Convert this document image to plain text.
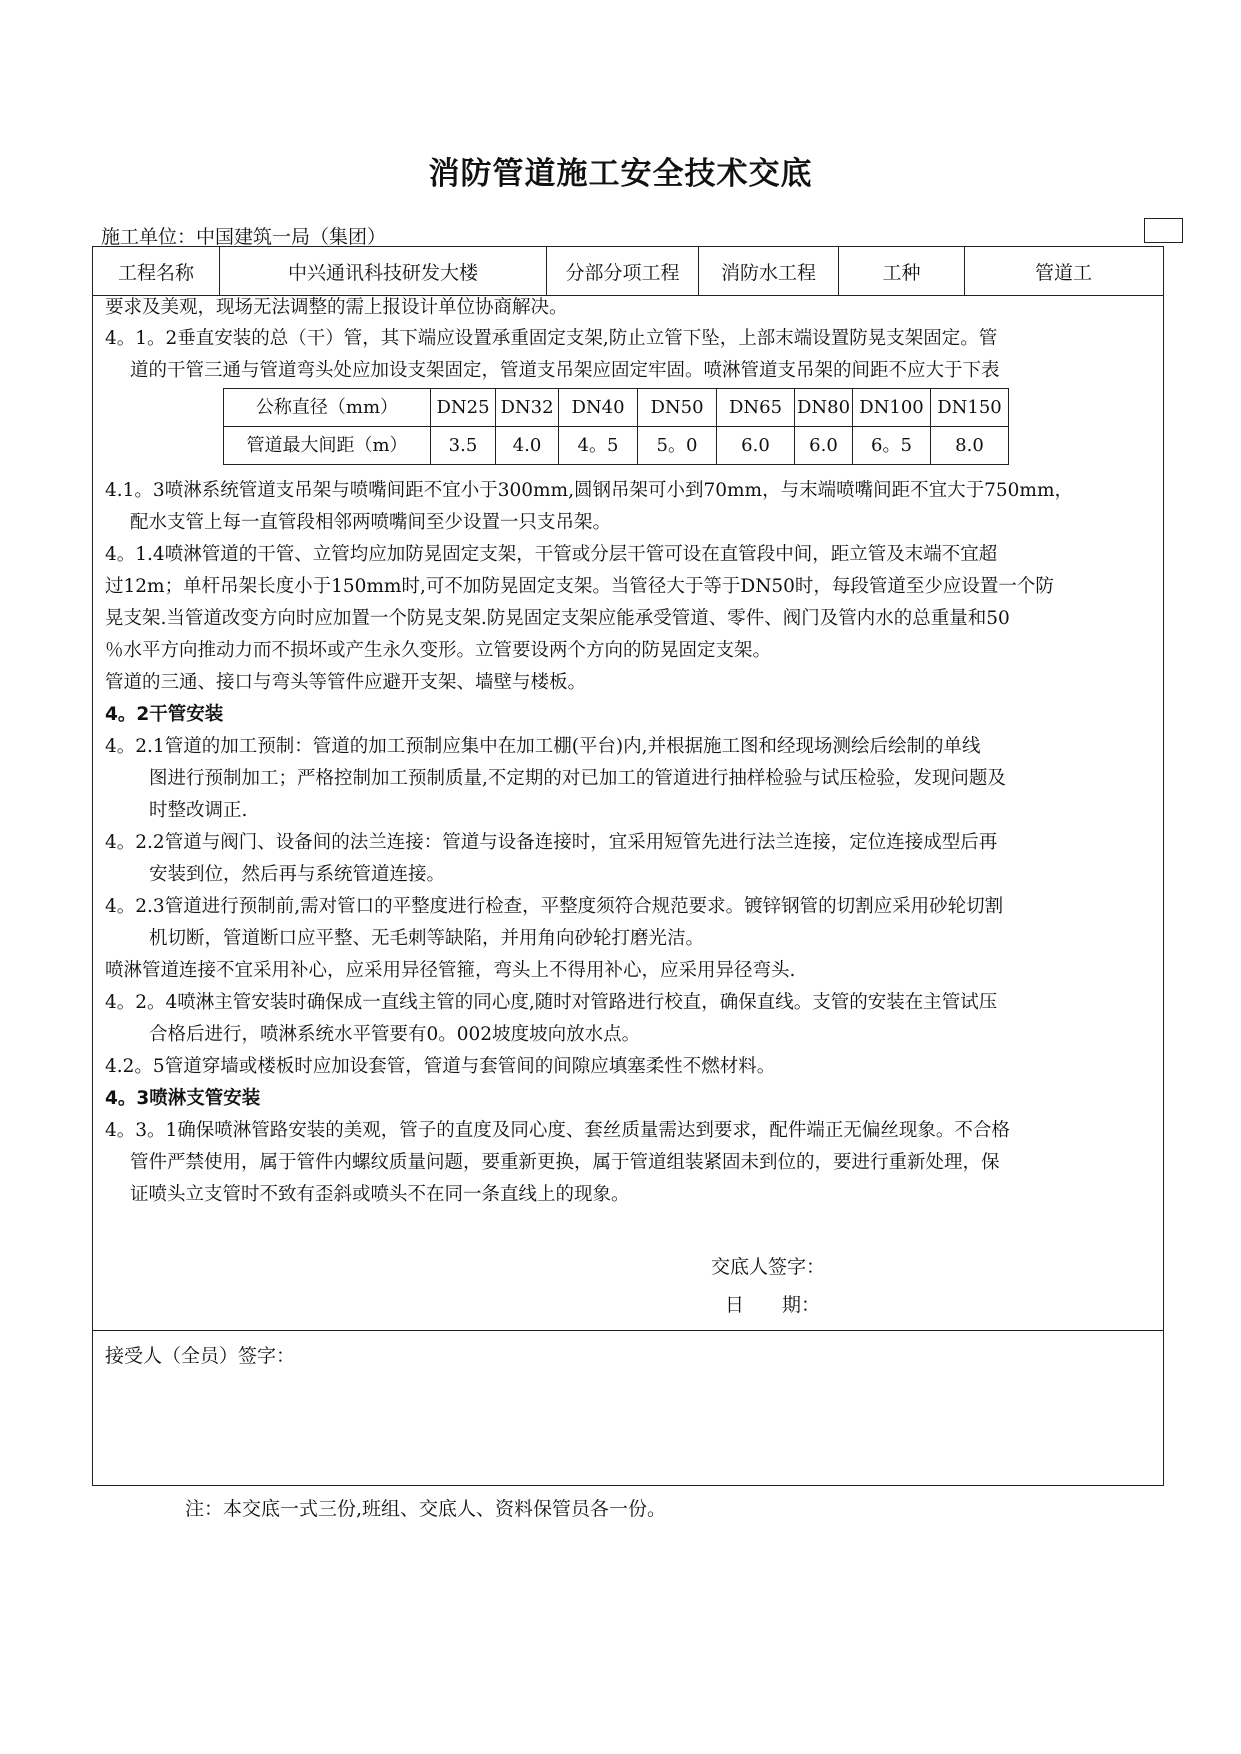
消防管道施工安全技术交底
施工单位：中国建筑一局（集团）
工程名称	中兴通讯科技研发大楼	分部分项工程	消防水工程	工种	管道工
要求及美观，现场无法调整的需上报设计单位协商解决。
4。1。2垂直安装的总（干）管，其下端应设置承重固定支架,防止立管下坠，上部末端设置防晃支架固定。管
道的干管三通与管道弯头处应加设支架固定，管道支吊架应固定牢固。喷淋管道支吊架的间距不应大于下表
公称直径（mm）	DN25	DN32	DN40	DN50	DN65	DN80	DN100	DN150
管道最大间距（m）	3.5	4.0	4。5	5。0	6.0	6.0	6。5	8.0
4.1。3喷淋系统管道支吊架与喷嘴间距不宜小于300mm,圆钢吊架可小到70mm，与末端喷嘴间距不宜大于750mm，
配水支管上每一直管段相邻两喷嘴间至少设置一只支吊架。
4。1.4喷淋管道的干管、立管均应加防晃固定支架，干管或分层干管可设在直管段中间，距立管及末端不宜超
过12m；单杆吊架长度小于150mm时,可不加防晃固定支架。当管径大于等于DN50时，每段管道至少应设置一个防
晃支架.当管道改变方向时应加置一个防晃支架.防晃固定支架应能承受管道、零件、阀门及管内水的总重量和50
％水平方向推动力而不损坏或产生永久变形。立管要设两个方向的防晃固定支架。
管道的三通、接口与弯头等管件应避开支架、墙壁与楼板。
4。2干管安装
4。2.1管道的加工预制：管道的加工预制应集中在加工棚(平台)内,并根据施工图和经现场测绘后绘制的单线
图进行预制加工；严格控制加工预制质量,不定期的对已加工的管道进行抽样检验与试压检验，发现问题及
时整改调正.
4。2.2管道与阀门、设备间的法兰连接：管道与设备连接时，宜采用短管先进行法兰连接，定位连接成型后再
安装到位，然后再与系统管道连接。
4。2.3管道进行预制前,需对管口的平整度进行检查，平整度须符合规范要求。镀锌钢管的切割应采用砂轮切割
机切断，管道断口应平整、无毛刺等缺陷，并用角向砂轮打磨光洁。
喷淋管道连接不宜采用补心，应采用异径管箍，弯头上不得用补心，应采用异径弯头.
4。2。4喷淋主管安装时确保成一直线主管的同心度,随时对管路进行校直，确保直线。支管的安装在主管试压
合格后进行，喷淋系统水平管要有0。002坡度坡向放水点。
4.2。5管道穿墙或楼板时应加设套管，管道与套管间的间隙应填塞柔性不燃材料。
4。3喷淋支管安装
4。3。1确保喷淋管路安装的美观，管子的直度及同心度、套丝质量需达到要求，配件端正无偏丝现象。不合格
管件严禁使用，属于管件内螺纹质量问题，要重新更换，属于管道组装紧固未到位的，要进行重新处理，保
证喷头立支管时不致有歪斜或喷头不在同一条直线上的现象。
接受人（全员）签字：
交底人签字：
日　　期：
注：本交底一式三份,班组、交底人、资料保管员各一份。
